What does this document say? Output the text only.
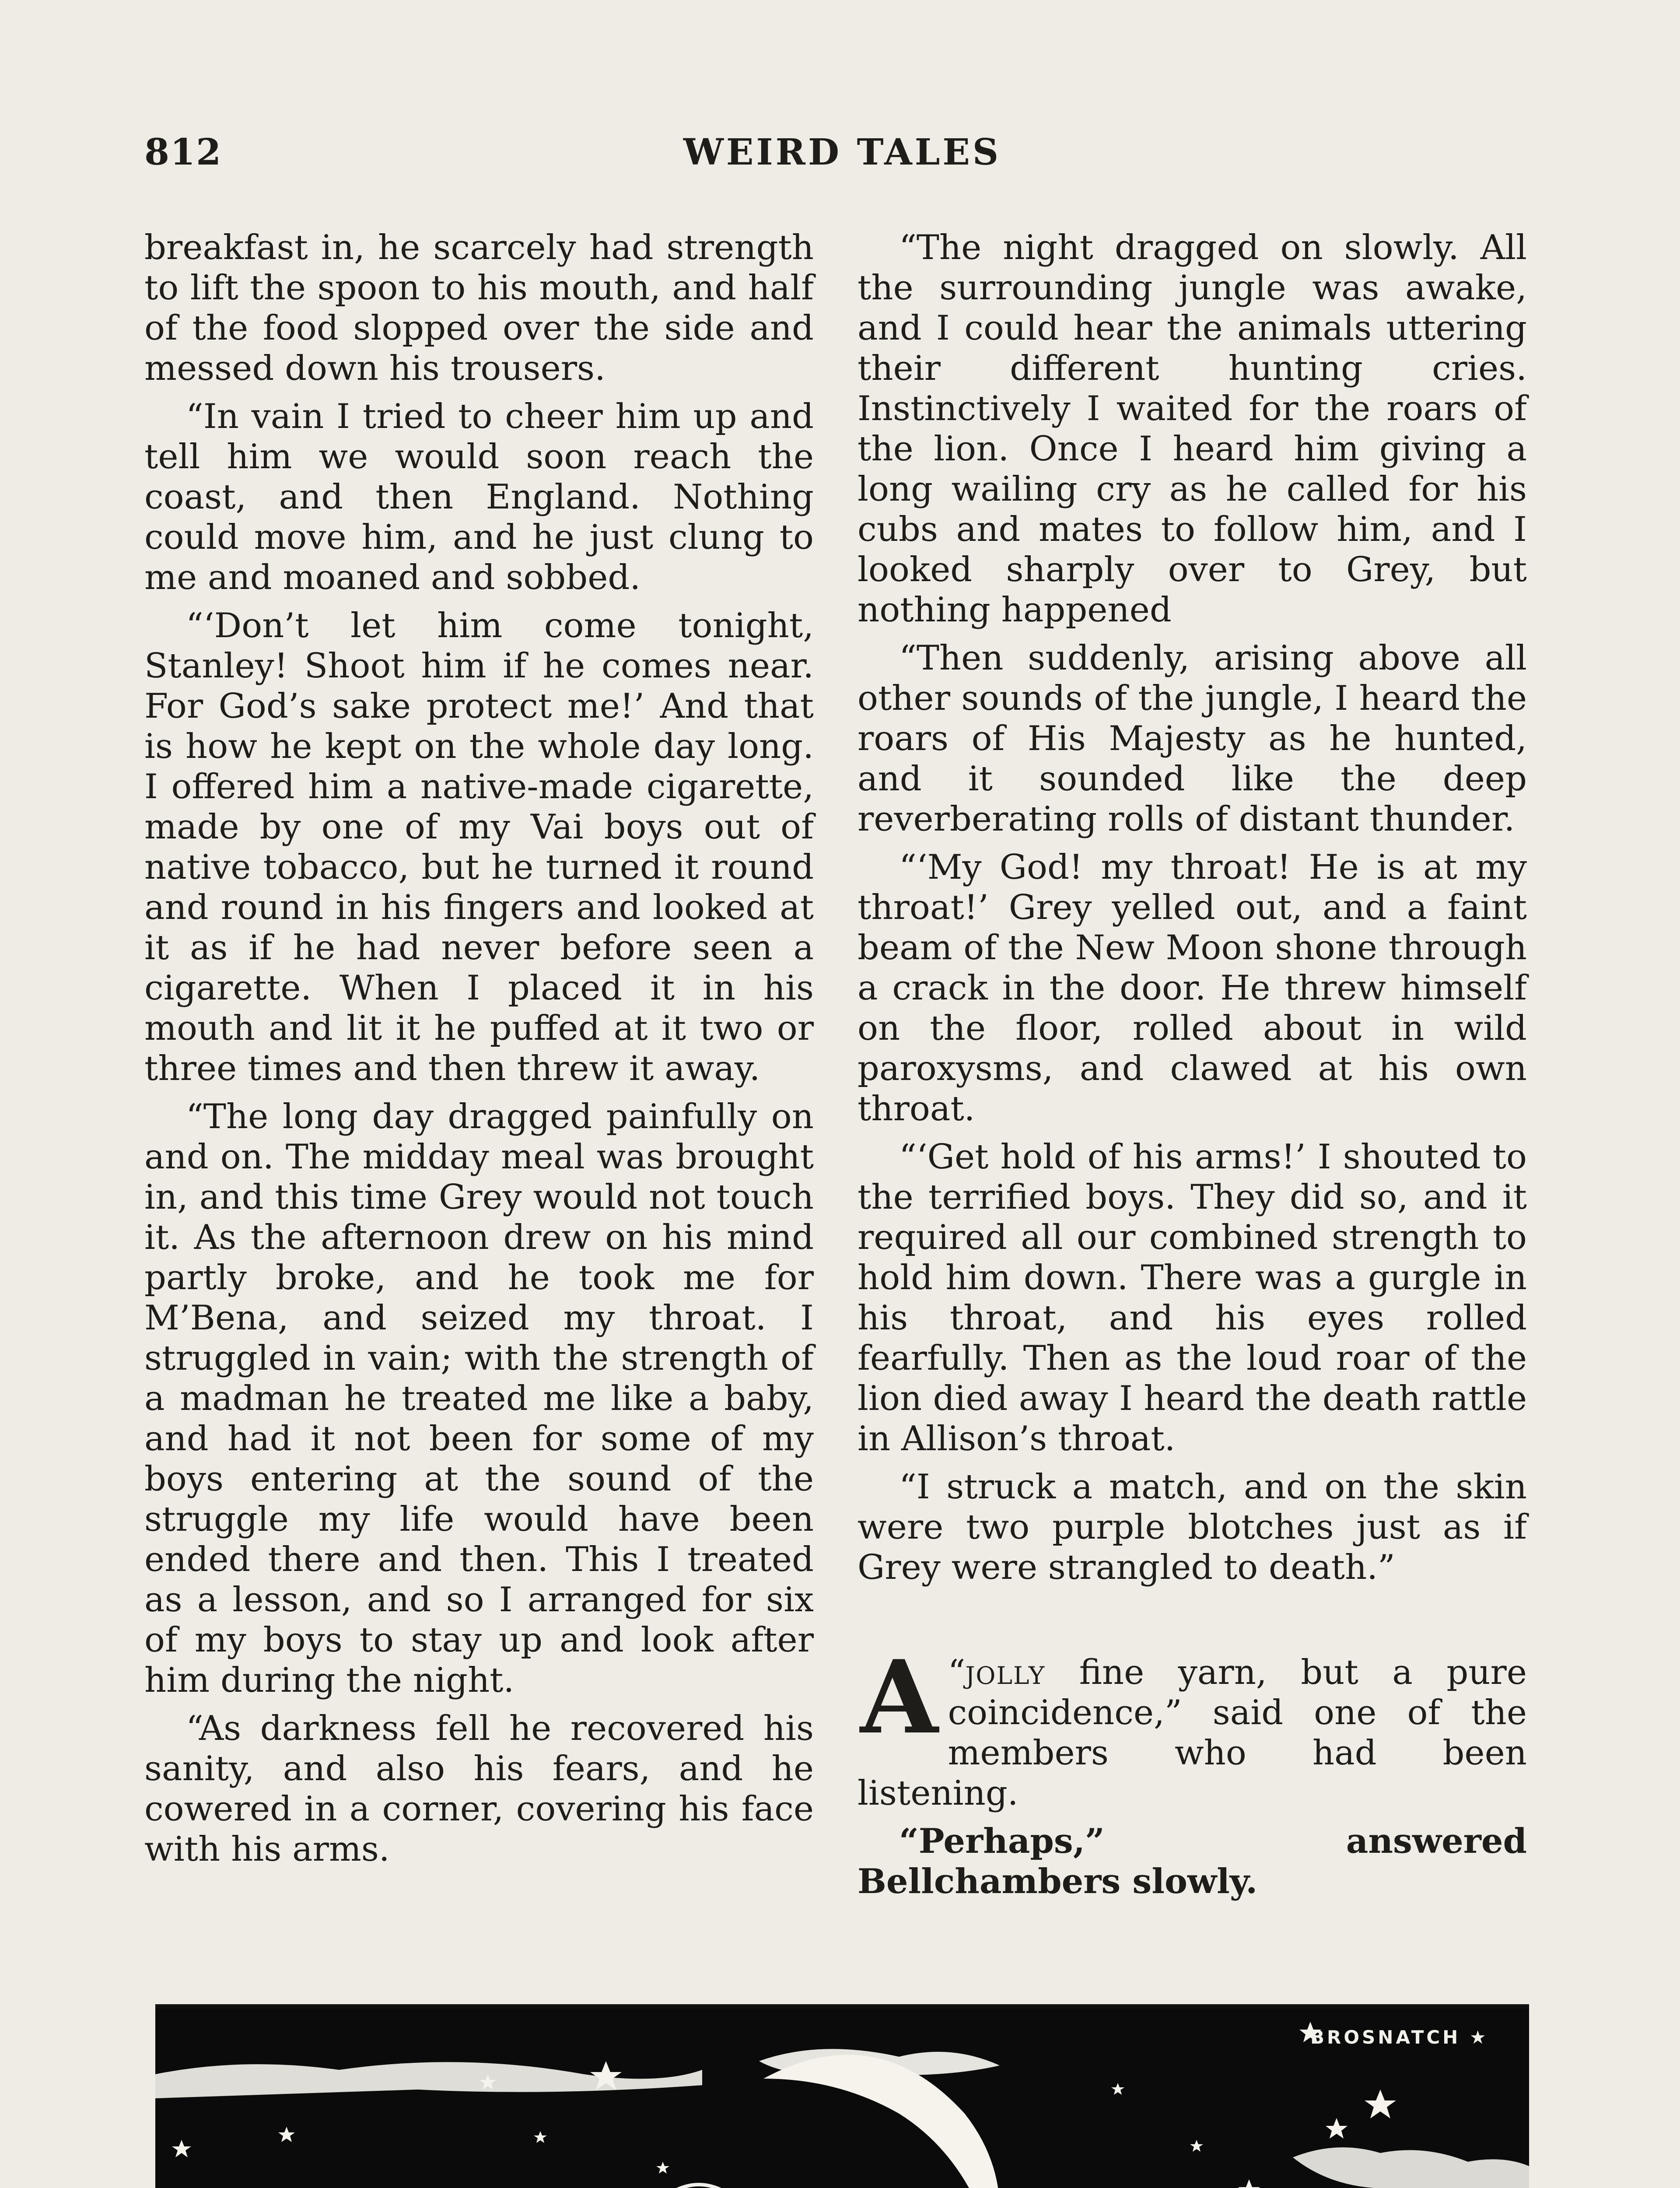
812	WEIRD TALES

breakfast in, he scarcely had strength to lift the spoon to his mouth, and half of the food slopped over the side and messed down his trousers.

“In vain I tried to cheer him up and tell him we would soon reach the coast, and then England. Nothing could move him, and he just clung to me and moaned and sobbed.

“‘Don’t let him come tonight, Stanley! Shoot him if he comes near. For God’s sake protect me!’ And that is how he kept on the whole day long. I offered him a native-made cigarette, made by one of my Vai boys out of native tobacco, but he turned it round and round in his fingers and looked at it as if he had never before seen a cigarette. When I placed it in his mouth and lit it he puffed at it two or three times and then threw it away.

“The long day dragged painfully on and on. The midday meal was brought in, and this time Grey would not touch it. As the afternoon drew on his mind partly broke, and he took me for M’Bena, and seized my throat. I struggled in vain; with the strength of a madman he treated me like a baby, and had it not been for some of my boys entering at the sound of the struggle my life would have been ended there and then. This I treated as a lesson, and so I arranged for six of my boys to stay up and look after him during the night.

“As darkness fell he recovered his sanity, and also his fears, and he cowered in a corner, covering his face with his arms.

“The night dragged on slowly. All the surrounding jungle was awake, and I could hear the animals uttering their different hunting cries. Instinctively I waited for the roars of the lion. Once I heard him giving a long wailing cry as he called for his cubs and mates to follow him, and I looked sharply over to Grey, but nothing happened

“Then suddenly, arising above all other sounds of the jungle, I heard the roars of His Majesty as he hunted, and it sounded like the deep reverberating rolls of distant thunder.

“‘My God! my throat! He is at my throat!’ Grey yelled out, and a faint beam of the New Moon shone through a crack in the door. He threw himself on the floor, rolled about in wild paroxysms, and clawed at his own throat.

“‘Get hold of his arms!’ I shouted to the terrified boys. They did so, and it required all our combined strength to hold him down. There was a gurgle in his throat, and his eyes rolled fearfully. Then as the loud roar of the lion died away I heard the death rattle in Allison’s throat.

“I struck a match, and on the skin were two purple blotches just as if Grey were strangled to death.”

“
A jolly fine yarn, but a pure coincidence,” said one of the members who had been listening.

“Perhaps,” answered Bellchambers slowly.

BROSNATCH ★
